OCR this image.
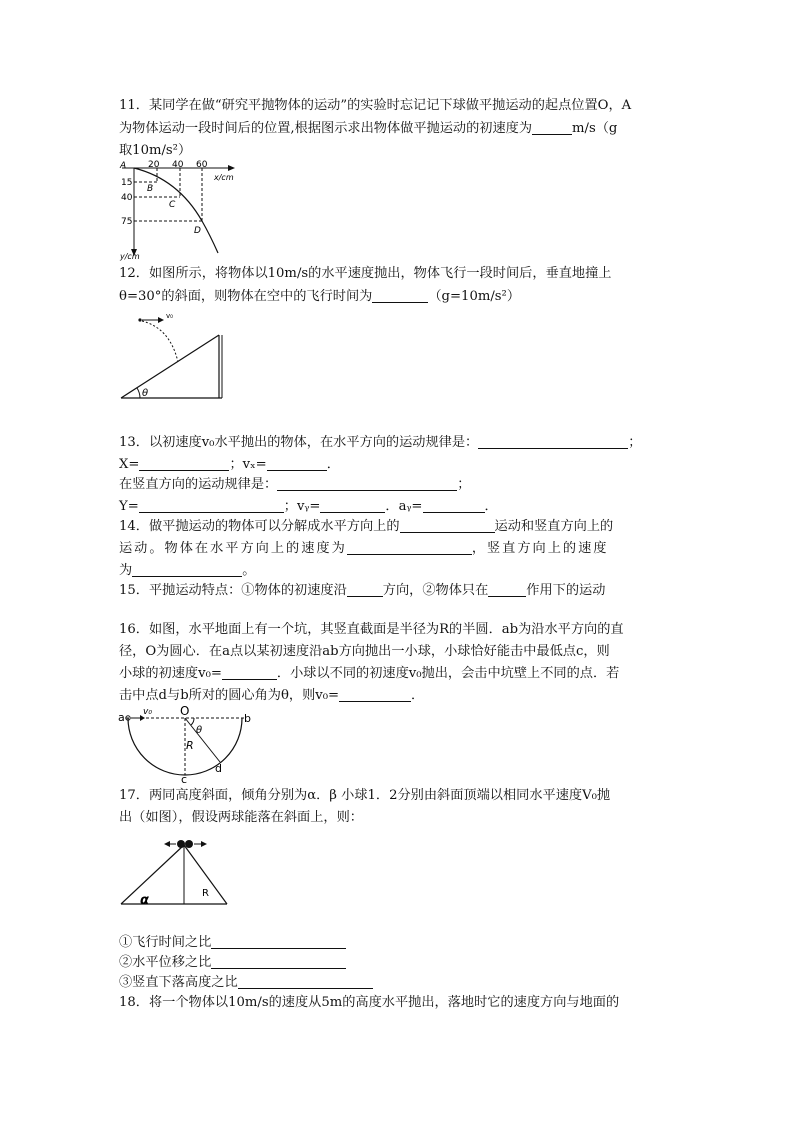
11．某同学在做“研究平抛物体的运动”的实验时忘记记下球做平抛运动的起点位置O，A
为物体运动一段时间后的位置,根据图示求出物体做平抛运动的初速度为	m/s（g
取10m/s²）
A 20 40 60
x/cm
15
40
75
y/cm
B
C
D
12．如图所示，将物体以10m/s的水平速度抛出，物体飞行一段时间后，垂直地撞上
θ=30°的斜面，则物体在空中的飞行时间为	（g=10m/s²）
θ
v₀
13．以初速度v₀水平抛出的物体，在水平方向的运动规律是：	；
X=	；vₓ=	．
在竖直方向的运动规律是：	；
Y=	；vᵧ=	．aᵧ=	．
14．做平抛运动的物体可以分解成水平方向上的	运动和竖直方向上的
运动。物体在水平方向上的速度为	，竖直方向上的速度
为	。
15．平抛运动特点：①物体的初速度沿	方向，②物体只在	作用下的运动
16．如图，水平地面上有一个坑，其竖直截面是半径为R的半圆．ab为沿水平方向的直
径，O为圆心．在a点以某初速度沿ab方向抛出一小球，小球恰好能击中最低点c，则
小球的初速度v₀=	．小球以不同的初速度v₀抛出，会击中坑壁上不同的点．若
击中点d与b所对的圆心角为θ，则v₀=	．
a	b
c
d
O
R
θ
v₀
17．两同高度斜面，倾角分别为α．β 小球1．2分别由斜面顶端以相同水平速度V₀抛
出（如图），假设两球能落在斜面上，则：
α	R
①飞行时间之比
②水平位移之比
③竖直下落高度之比
18．将一个物体以10m/s的速度从5m的高度水平抛出，落地时它的速度方向与地面的
